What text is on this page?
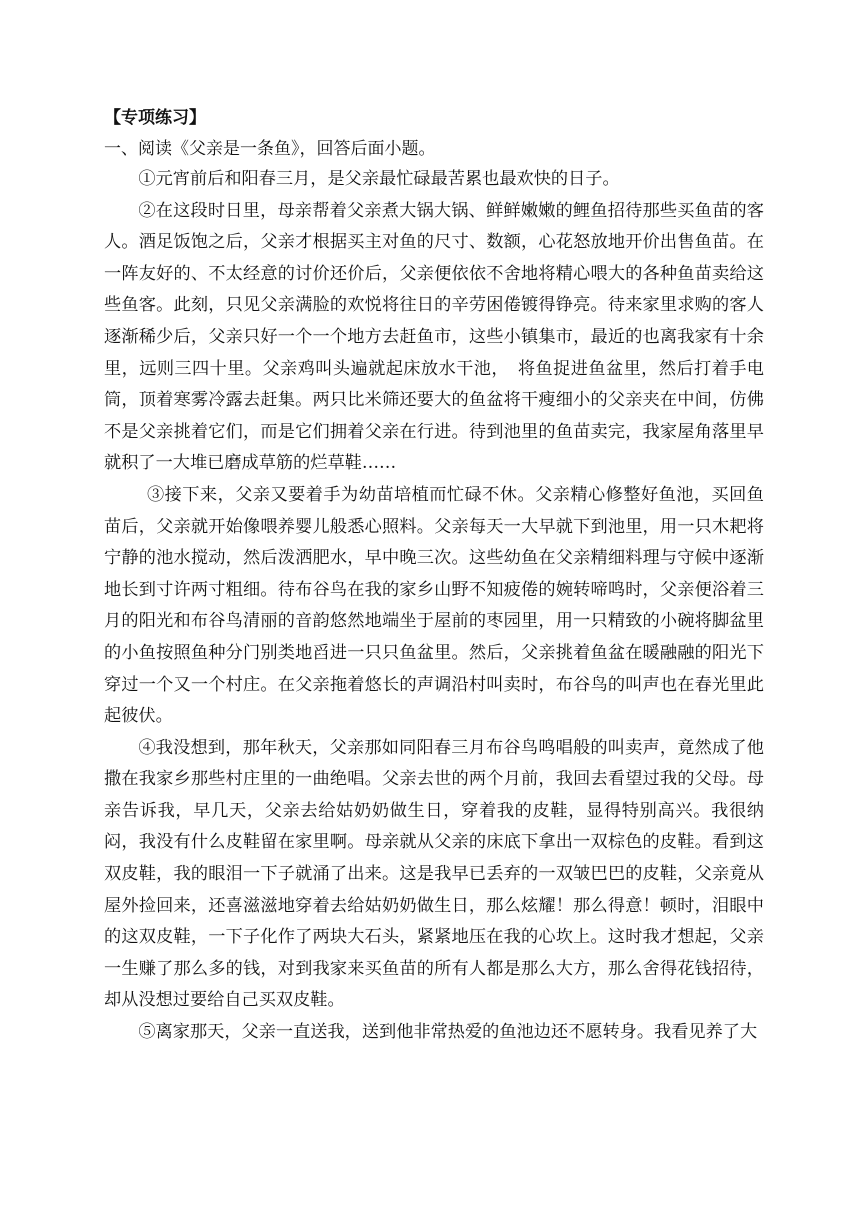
【专项练习】
一、阅读《父亲是一条鱼》，回答后面小题。

①元宵前后和阳春三月，是父亲最忙碌最苦累也最欢快的日子。

②在这段时日里，母亲帮着父亲煮大锅大锅、鲜鲜嫩嫩的鲤鱼招待那些买鱼苗的客人。酒足饭饱之后，父亲才根据买主对鱼的尺寸、数额，心花怒放地开价出售鱼苗。在一阵友好的、不太经意的讨价还价后，父亲便依依不舍地将精心喂大的各种鱼苗卖给这些鱼客。此刻，只见父亲满脸的欢悦将往日的辛劳困倦镀得铮亮。待来家里求购的客人逐渐稀少后，父亲只好一个一个地方去赶鱼市，这些小镇集市，最近的也离我家有十余里，远则三四十里。父亲鸡叫头遍就起床放水干池，　将鱼捉进鱼盆里，然后打着手电筒，顶着寒雾冷露去赶集。两只比米筛还要大的鱼盆将干瘦细小的父亲夹在中间，仿佛不是父亲挑着它们，而是它们拥着父亲在行进。待到池里的鱼苗卖完，我家屋角落里早就积了一大堆已磨成草筋的烂草鞋……

③接下来，父亲又要着手为幼苗培植而忙碌不休。父亲精心修整好鱼池，买回鱼苗后，父亲就开始像喂养婴儿般悉心照料。父亲每天一大早就下到池里，用一只木耙将宁静的池水搅动，然后泼洒肥水，早中晚三次。这些幼鱼在父亲精细料理与守候中逐渐地长到寸许两寸粗细。待布谷鸟在我的家乡山野不知疲倦的婉转啼鸣时，父亲便浴着三月的阳光和布谷鸟清丽的音韵悠然地端坐于屋前的枣园里，用一只精致的小碗将脚盆里的小鱼按照鱼种分门别类地舀进一只只鱼盆里。然后，父亲挑着鱼盆在暖融融的阳光下穿过一个又一个村庄。在父亲拖着悠长的声调沿村叫卖时，布谷鸟的叫声也在春光里此起彼伏。

④我没想到，那年秋天，父亲那如同阳春三月布谷鸟鸣唱般的叫卖声，竟然成了他撒在我家乡那些村庄里的一曲绝唱。父亲去世的两个月前，我回去看望过我的父母。母亲告诉我，早几天，父亲去给姑奶奶做生日，穿着我的皮鞋，显得特别高兴。我很纳闷，我没有什么皮鞋留在家里啊。母亲就从父亲的床底下拿出一双棕色的皮鞋。看到这双皮鞋，我的眼泪一下子就涌了出来。这是我早已丢弃的一双皱巴巴的皮鞋，父亲竟从屋外捡回来，还喜滋滋地穿着去给姑奶奶做生日，那么炫耀！那么得意！顿时，泪眼中的这双皮鞋，一下子化作了两块大石头，紧紧地压在我的心坎上。这时我才想起，父亲一生赚了那么多的钱，对到我家来买鱼苗的所有人都是那么大方，那么舍得花钱招待，却从没想过要给自己买双皮鞋。

⑤离家那天，父亲一直送我，送到他非常热爱的鱼池边还不愿转身。我看见养了大
